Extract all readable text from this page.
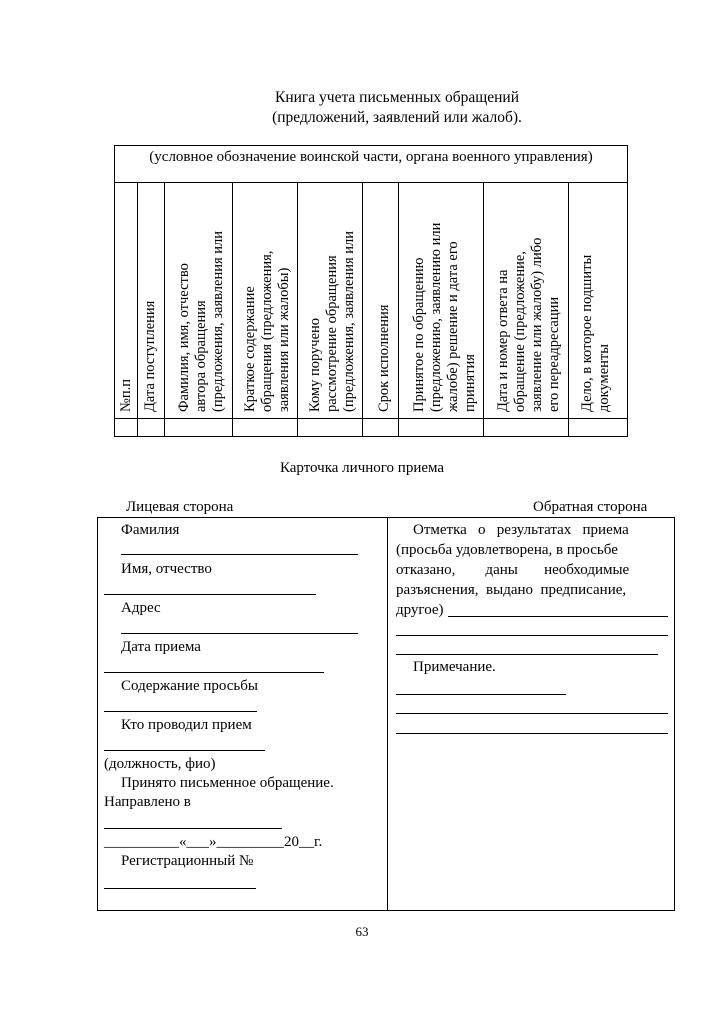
Книга учета письменных обращений
(предложений, заявлений или жалоб).
(условное обозначение воинской части, органа военного управления)
№п.п Дата поступления Фамилия, имя, отчество автора обращения (предложения, заявления или Краткое содержание обращения (предложения, заявления или жалобы) Кому поручено рассмотрение обращения (предложения, заявления или Срок исполнения Принятое по обращению (предложению, заявлению или жалобе) решение и дата его принятия Дата и номер ответа на обращение (предложение, заявление или жалобу) либо его переадресации Дело, в которое подшиты документы
Карточка личного приема
Лицевая сторона	Обратная сторона
Фамилия
Имя, отчество
Адрес
Дата приема
Содержание просьбы
Кто проводил прием
(должность, фио)
Принято письменное обращение.
Направлено в
__________«___»_________20__г.
Регистрационный №
Отметка   о   результатах   приема
(просьба удовлетворена, в просьбе
отказано,        даны       необходимые
разъяснения,  выдано  предписание,
другое)
Примечание.
63
